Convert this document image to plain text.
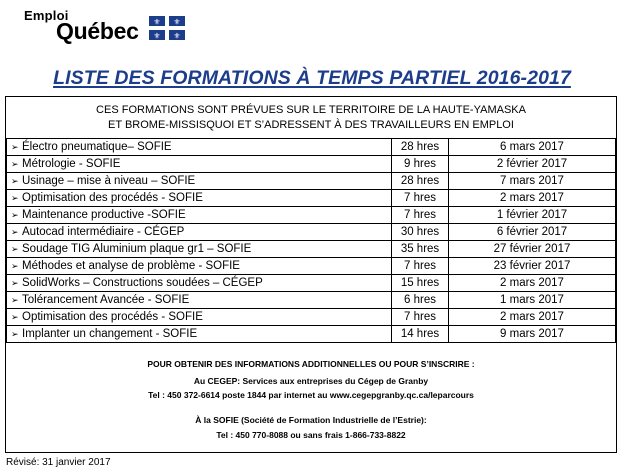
Emploi
Québec ⚜ ⚜
⚜ ⚜
LISTE DES FORMATIONS À TEMPS PARTIEL 2016-2017
CES FORMATIONS SONT PRÉVUES SUR LE TERRITOIRE DE LA HAUTE-YAMASKA
ET BROME-MISSISQUOI ET S’ADRESSENT À DES TRAVAILLEURS EN EMPLOI
➢ Électro pneumatique– SOFIE	28 hres	6 mars 2017
➢ Métrologie - SOFIE	9 hres	2 février 2017
➢ Usinage – mise à niveau – SOFIE	28 hres	7 mars 2017
➢ Optimisation des procédés - SOFIE	7 hres	2 mars 2017
➢ Maintenance productive -SOFIE	7 hres	1 février 2017
➢ Autocad intermédiaire - CÉGEP	30 hres	6 février 2017
➢ Soudage TIG Aluminium plaque gr1 – SOFIE	35 hres	27 février 2017
➢ Méthodes et analyse de problème - SOFIE	7 hres	23 février 2017
➢ SolidWorks – Constructions soudées – CÉGEP	15 hres	2 mars 2017
➢ Tolérancement Avancée - SOFIE	6 hres	1 mars 2017
➢ Optimisation des procédés - SOFIE	7 hres	2 mars 2017
➢ Implanter un changement - SOFIE	14 hres	9 mars 2017
POUR OBTENIR DES INFORMATIONS ADDITIONNELLES OU POUR S’INSCRIRE :
Au CEGEP: Services aux entreprises du Cégep de Granby
Tel : 450 372-6614 poste 1844 par internet au www.cegepgranby.qc.ca/leparcours
À la SOFIE (Société de Formation Industrielle de l’Estrie):
Tel : 450 770-8088 ou sans frais 1-866-733-8822
Révisé: 31 janvier 2017
